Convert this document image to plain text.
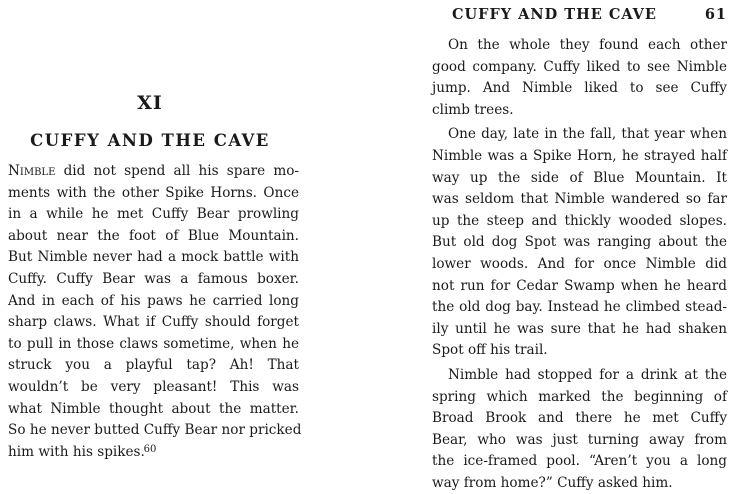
XI
CUFFY AND THE CAVE
Nimble did not spend all his spare mo-
ments with the other Spike Horns. Once
in a while he met Cuffy Bear prowling
about near the foot of Blue Mountain.
But Nimble never had a mock battle with
Cuffy. Cuffy Bear was a famous boxer.
And in each of his paws he carried long
sharp claws. What if Cuffy should forget
to pull in those claws sometime, when he
struck you a playful tap? Ah! That
wouldn’t be very pleasant! This was
what Nimble thought about the matter.
So he never butted Cuffy Bear nor pricked
him with his spikes.
60
CUFFY AND THE CAVE	61
On the whole they found each other
good company. Cuffy liked to see Nimble
jump. And Nimble liked to see Cuffy
climb trees.
One day, late in the fall, that year when
Nimble was a Spike Horn, he strayed half
way up the side of Blue Mountain. It
was seldom that Nimble wandered so far
up the steep and thickly wooded slopes.
But old dog Spot was ranging about the
lower woods. And for once Nimble did
not run for Cedar Swamp when he heard
the old dog bay. Instead he climbed stead-
ily until he was sure that he had shaken
Spot off his trail.
Nimble had stopped for a drink at the
spring which marked the beginning of
Broad Brook and there he met Cuffy
Bear, who was just turning away from
the ice-framed pool. “Aren’t you a long
way from home?” Cuffy asked him.
